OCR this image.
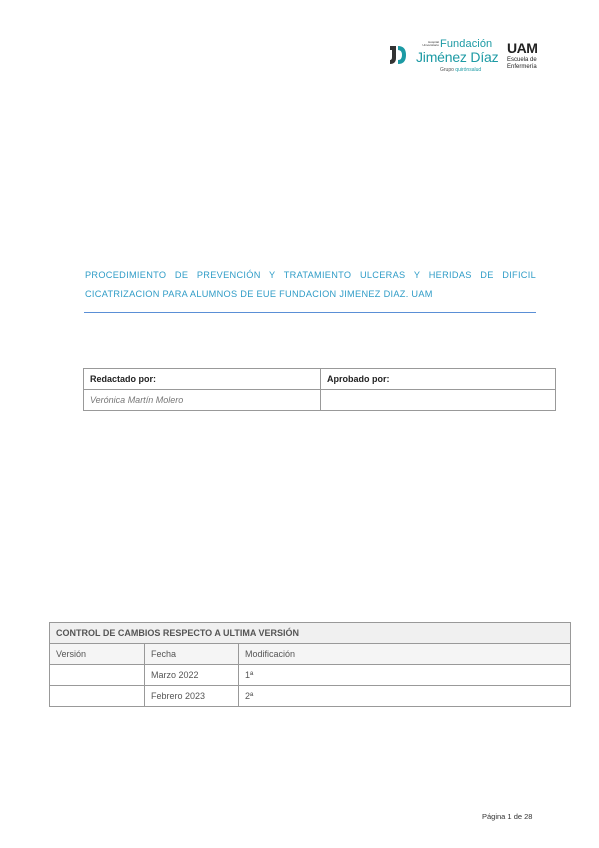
Hospital Universitario Fundación
Jiménez Díaz
Grupo quirónsalud
UAM
Escuela de
Enfermería
PROCEDIMIENTO DE PREVENCIÓN Y TRATAMIENTO ULCERAS Y HERIDAS DE DIFICIL
CICATRIZACION PARA ALUMNOS DE EUE FUNDACION JIMENEZ DIAZ. UAM
Redactado por:	Aprobado por:
Verónica Martín Molero	
CONTROL DE CAMBIOS RESPECTO A ULTIMA VERSIÓN		
Versión	Fecha	Modificación
	Marzo 2022	1ª
	Febrero 2023	2ª
Página 1 de 28
